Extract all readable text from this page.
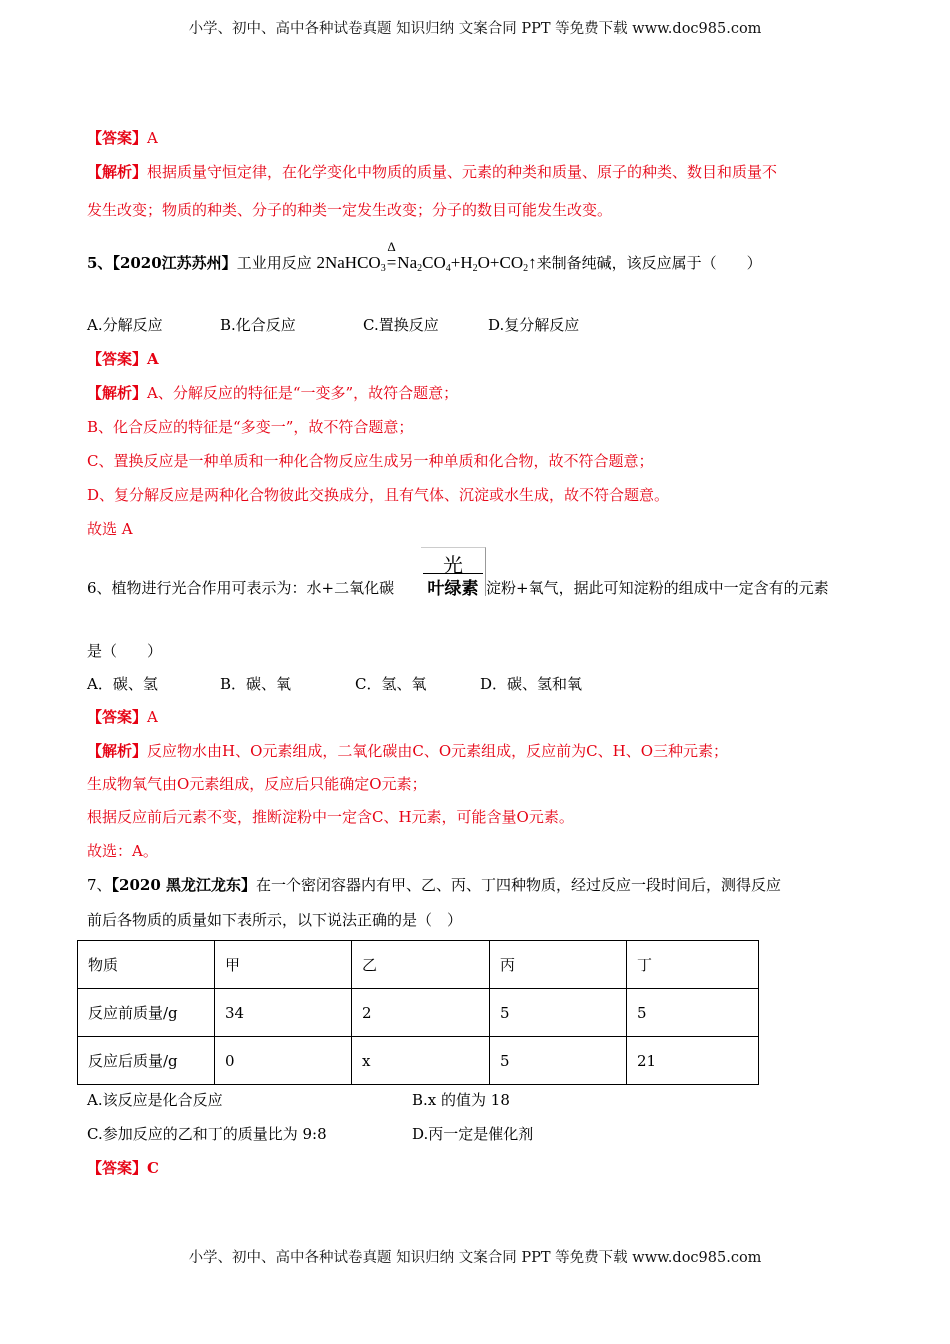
小学、初中、高中各种试卷真题 知识归纳 文案合同 PPT 等免费下载 www.doc985.com
【答案】A
【解析】根据质量守恒定律，在化学变化中物质的质量、元素的种类和质量、原子的种类、数目和质量不
发生改变；物质的种类、分子的种类一定发生改变；分子的数目可能发生改变。
5、【2020江苏苏州】工业用反应 2NaHCO$_3$
Δ
$=Na_2CO_4+H_2O+CO_2↑$来制备纯碱，该反应属于（　　）
A.分解反应	B.化合反应	C.置换反应	D.复分解反应
【答案】A
【解析】A、分解反应的特征是“一变多”，故符合题意；
B、化合反应的特征是“多变一”，故不符合题意；
C、置换反应是一种单质和一种化合物反应生成另一种单质和化合物，故不符合题意；
D、复分解反应是两种化合物彼此交换成分，且有气体、沉淀或水生成，故不符合题意。
故选 A
6、植物进行光合作用可表示为：水+二氧化碳
光
叶绿素 淀粉+氧气，据此可知淀粉的组成中一定含有的元素
是（　　）
A．碳、氢	B．碳、氧	C．氢、氧	D．碳、氢和氧
【答案】A
【解析】反应物水由H、O元素组成，二氧化碳由C、O元素组成，反应前为C、H、O三种元素；
生成物氧气由O元素组成，反应后只能确定O元素；
根据反应前后元素不变，推断淀粉中一定含C、H元素，可能含量O元素。
故选：A。
7、【2020 黑龙江龙东】在一个密闭容器内有甲、乙、丙、丁四种物质，经过反应一段时间后，测得反应
前后各物质的质量如下表所示，以下说法正确的是（　）
物质	甲	乙	丙	丁
反应前质量/g	34	2	5	5
反应后质量/g	0	x	5	21
A.该反应是化合反应	B.x 的值为 18
C.参加反应的乙和丁的质量比为 9:8	D.丙一定是催化剂
【答案】C
小学、初中、高中各种试卷真题 知识归纳 文案合同 PPT 等免费下载 www.doc985.com
